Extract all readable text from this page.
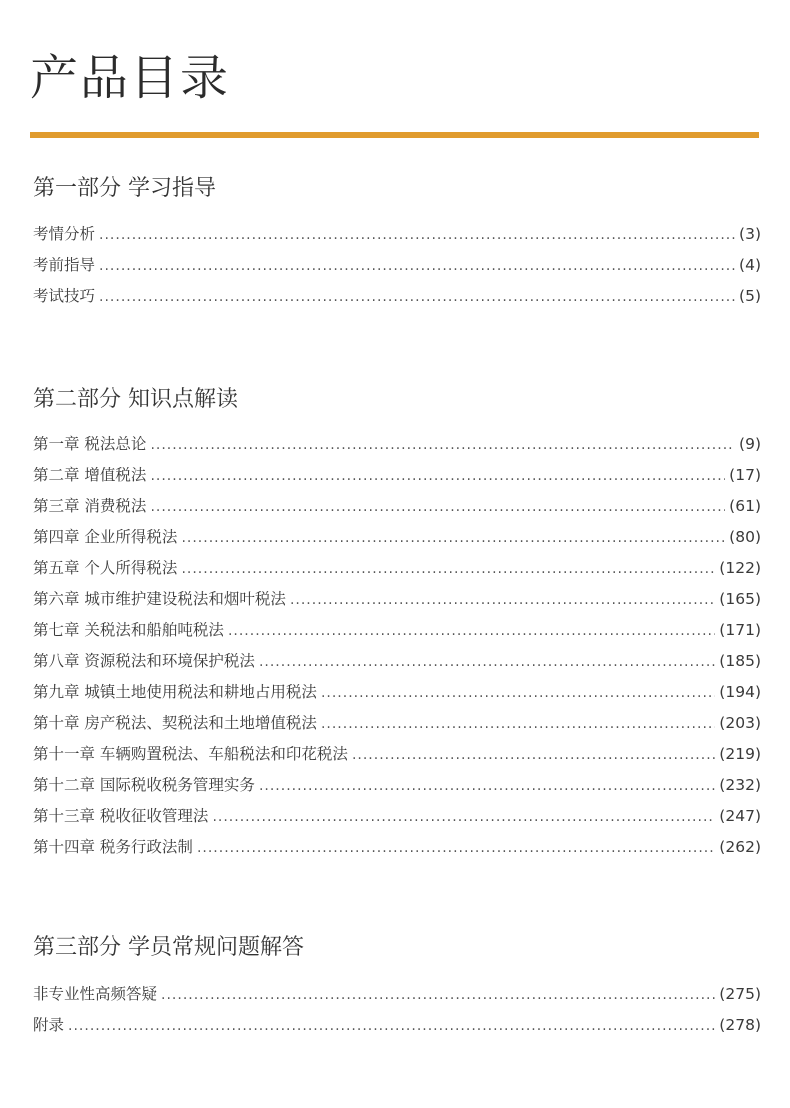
产品目录
第一部分 学习指导
考情分析 .....	( 3 )
考前指导 .....	( 4 )
考试技巧 .....	( 5 )
第二部分 知识点解读
第一章 税法总论 .....	( 9 )
第二章 增值税法 .....	( 17 )
第三章 消费税法 .....	( 61 )
第四章 企业所得税法 .....	( 80 )
第五章 个人所得税法 .....	( 122 )
第六章 城市维护建设税法和烟叶税法 .....	( 165 )
第七章 关税法和船舶吨税法 .....	( 171 )
第八章 资源税法和环境保护税法 .....	( 185 )
第九章 城镇土地使用税法和耕地占用税法 .....	( 194 )
第十章 房产税法、契税法和土地增值税法 .....	( 203 )
第十一章 车辆购置税法、车船税法和印花税法 .....	( 219 )
第十二章 国际税收税务管理实务 .....	( 232 )
第十三章 税收征收管理法 .....	( 247 )
第十四章 税务行政法制 .....	( 262 )
第三部分 学员常规问题解答
非专业性高频答疑 .....	( 275 )
附录 .....	( 278 )
